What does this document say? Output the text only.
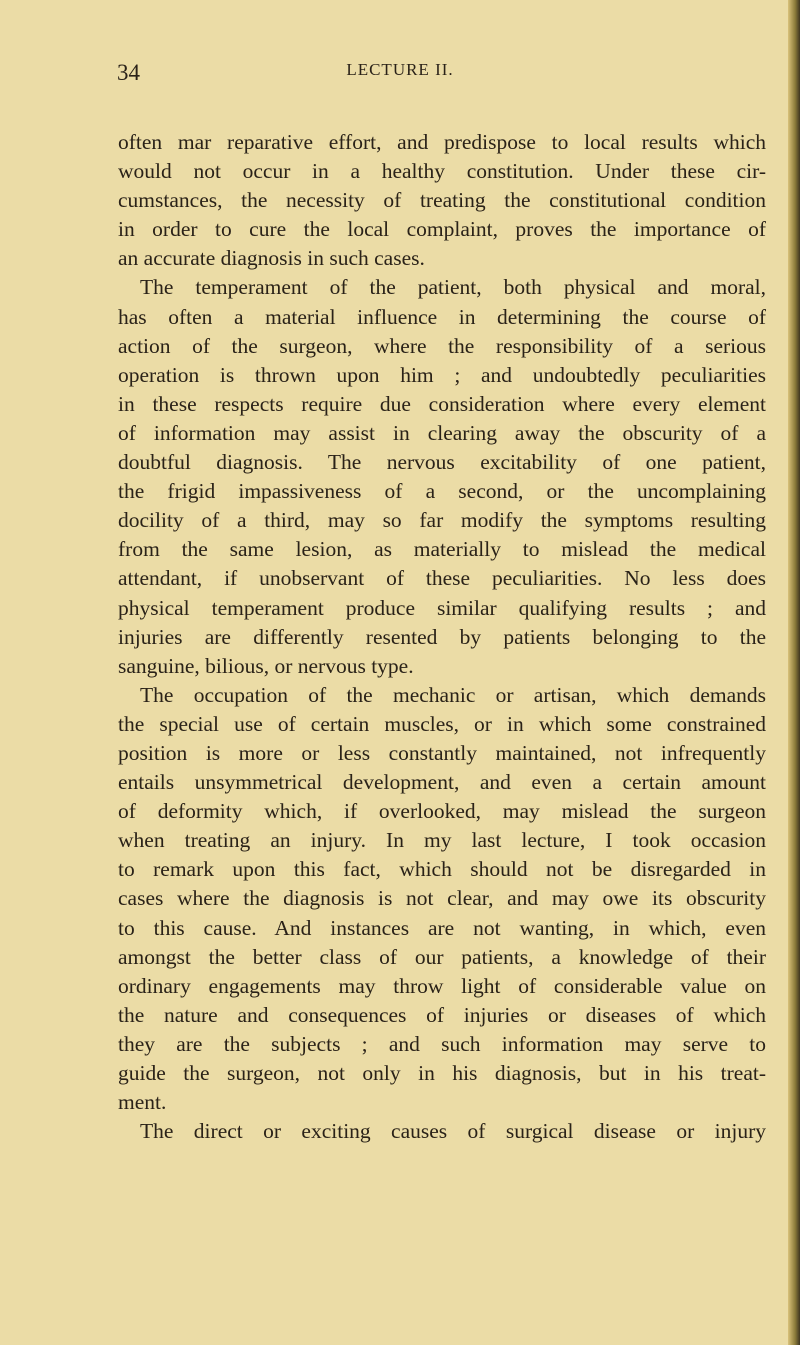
34	LECTURE II.
often mar reparative effort, and predispose to local results which
would not occur in a healthy constitution. Under these cir-
cumstances, the necessity of treating the constitutional condition
in order to cure the local complaint, proves the importance of
an accurate diagnosis in such cases.
The temperament of the patient, both physical and moral,
has often a material influence in determining the course of
action of the surgeon, where the responsibility of a serious
operation is thrown upon him ; and undoubtedly peculiarities
in these respects require due consideration where every element
of information may assist in clearing away the obscurity of a
doubtful diagnosis. The nervous excitability of one patient,
the frigid impassiveness of a second, or the uncomplaining
docility of a third, may so far modify the symptoms resulting
from the same lesion, as materially to mislead the medical
attendant, if unobservant of these peculiarities. No less does
physical temperament produce similar qualifying results ; and
injuries are differently resented by patients belonging to the
sanguine, bilious, or nervous type.
The occupation of the mechanic or artisan, which demands
the special use of certain muscles, or in which some constrained
position is more or less constantly maintained, not infrequently
entails unsymmetrical development, and even a certain amount
of deformity which, if overlooked, may mislead the surgeon
when treating an injury. In my last lecture, I took occasion
to remark upon this fact, which should not be disregarded in
cases where the diagnosis is not clear, and may owe its obscurity
to this cause. And instances are not wanting, in which, even
amongst the better class of our patients, a knowledge of their
ordinary engagements may throw light of considerable value on
the nature and consequences of injuries or diseases of which
they are the subjects ; and such information may serve to
guide the surgeon, not only in his diagnosis, but in his treat-
ment.
The direct or exciting causes of surgical disease or injury
